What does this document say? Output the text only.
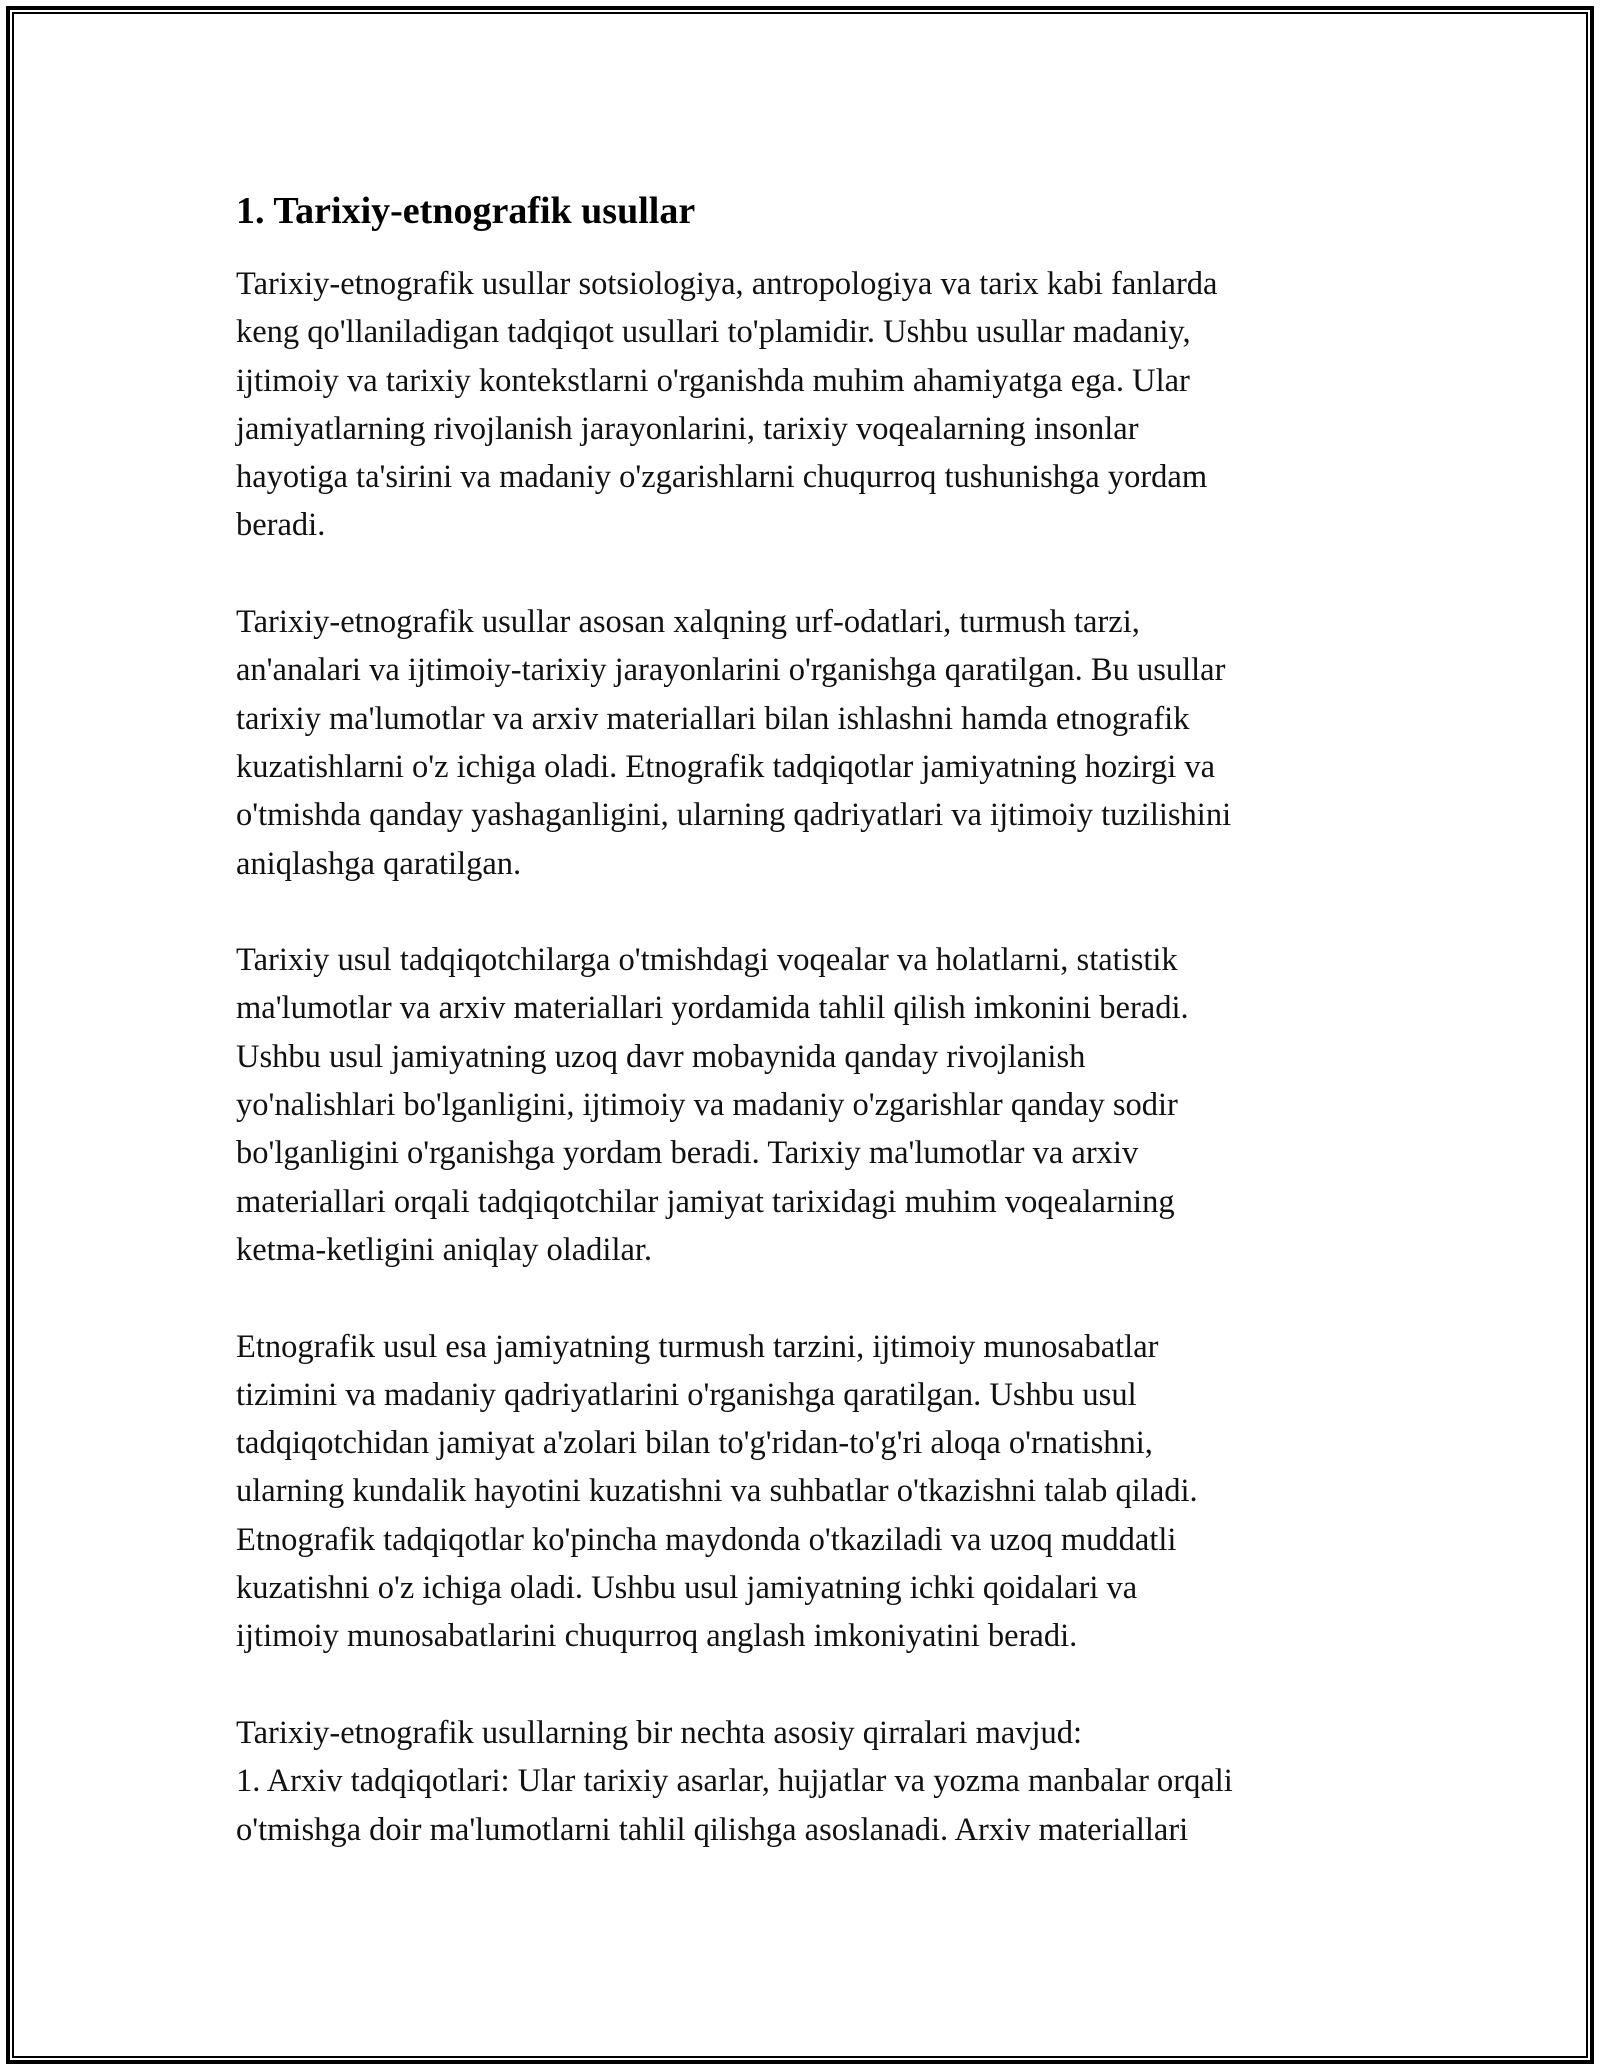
1. Tarixiy-etnografik usullar

Tarixiy-etnografik usullar sotsiologiya, antropologiya va tarix kabi fanlarda
keng qo'llaniladigan tadqiqot usullari to'plamidir. Ushbu usullar madaniy,
ijtimoiy va tarixiy kontekstlarni o'rganishda muhim ahamiyatga ega. Ular
jamiyatlarning rivojlanish jarayonlarini, tarixiy voqealarning insonlar
hayotiga ta'sirini va madaniy o'zgarishlarni chuqurroq tushunishga yordam
beradi.

Tarixiy-etnografik usullar asosan xalqning urf-odatlari, turmush tarzi,
an'analari va ijtimoiy-tarixiy jarayonlarini o'rganishga qaratilgan. Bu usullar
tarixiy ma'lumotlar va arxiv materiallari bilan ishlashni hamda etnografik
kuzatishlarni o'z ichiga oladi. Etnografik tadqiqotlar jamiyatning hozirgi va
o'tmishda qanday yashaganligini, ularning qadriyatlari va ijtimoiy tuzilishini
aniqlashga qaratilgan.

Tarixiy usul tadqiqotchilarga o'tmishdagi voqealar va holatlarni, statistik
ma'lumotlar va arxiv materiallari yordamida tahlil qilish imkonini beradi.
Ushbu usul jamiyatning uzoq davr mobaynida qanday rivojlanish
yo'nalishlari bo'lganligini, ijtimoiy va madaniy o'zgarishlar qanday sodir
bo'lganligini o'rganishga yordam beradi. Tarixiy ma'lumotlar va arxiv
materiallari orqali tadqiqotchilar jamiyat tarixidagi muhim voqealarning
ketma-ketligini aniqlay oladilar.

Etnografik usul esa jamiyatning turmush tarzini, ijtimoiy munosabatlar
tizimini va madaniy qadriyatlarini o'rganishga qaratilgan. Ushbu usul
tadqiqotchidan jamiyat a'zolari bilan to'g'ridan-to'g'ri aloqa o'rnatishni,
ularning kundalik hayotini kuzatishni va suhbatlar o'tkazishni talab qiladi.
Etnografik tadqiqotlar ko'pincha maydonda o'tkaziladi va uzoq muddatli
kuzatishni o'z ichiga oladi. Ushbu usul jamiyatning ichki qoidalari va
ijtimoiy munosabatlarini chuqurroq anglash imkoniyatini beradi.

Tarixiy-etnografik usullarning bir nechta asosiy qirralari mavjud:
1. Arxiv tadqiqotlari: Ular tarixiy asarlar, hujjatlar va yozma manbalar orqali
o'tmishga doir ma'lumotlarni tahlil qilishga asoslanadi. Arxiv materiallari
